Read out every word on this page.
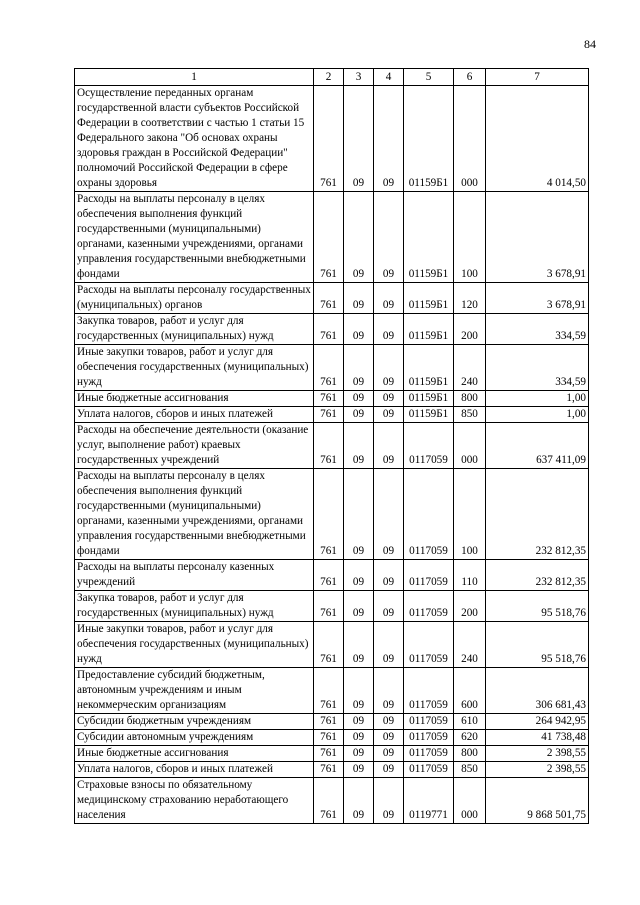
84
1	2	3	4	5	6	7
Осуществление переданных органам государственной власти субъектов Российской Федерации в соответствии с частью 1 статьи 15 Федерального закона "Об основах охраны здоровья граждан в Российской Федерации" полномочий Российской Федерации в сфере охраны здоровья	761	09	09	01159Б1	000	4 014,50
Расходы на выплаты персоналу в целях обеспечения выполнения функций государственными (муниципальными) органами, казенными учреждениями, органами управления государственными внебюджетными фондами	761	09	09	01159Б1	100	3 678,91
Расходы на выплаты персоналу государственных (муниципальных) органов	761	09	09	01159Б1	120	3 678,91
Закупка товаров, работ и услуг для государственных (муниципальных) нужд	761	09	09	01159Б1	200	334,59
Иные закупки товаров, работ и услуг для обеспечения государственных (муниципальных) нужд	761	09	09	01159Б1	240	334,59
Иные бюджетные ассигнования	761	09	09	01159Б1	800	1,00
Уплата налогов, сборов и иных платежей	761	09	09	01159Б1	850	1,00
Расходы на обеспечение деятельности (оказание услуг, выполнение работ) краевых государственных учреждений	761	09	09	0117059	000	637 411,09
Расходы на выплаты персоналу в целях обеспечения выполнения функций государственными (муниципальными) органами, казенными учреждениями, органами управления государственными внебюджетными фондами	761	09	09	0117059	100	232 812,35
Расходы на выплаты персоналу казенных учреждений	761	09	09	0117059	110	232 812,35
Закупка товаров, работ и услуг для государственных (муниципальных) нужд	761	09	09	0117059	200	95 518,76
Иные закупки товаров, работ и услуг для обеспечения государственных (муниципальных) нужд	761	09	09	0117059	240	95 518,76
Предоставление субсидий бюджетным, автономным учреждениям и иным некоммерческим организациям	761	09	09	0117059	600	306 681,43
Субсидии бюджетным учреждениям	761	09	09	0117059	610	264 942,95
Субсидии автономным учреждениям	761	09	09	0117059	620	41 738,48
Иные бюджетные ассигнования	761	09	09	0117059	800	2 398,55
Уплата налогов, сборов и иных платежей	761	09	09	0117059	850	2 398,55
Страховые взносы по обязательному медицинскому страхованию неработающего населения	761	09	09	0119771	000	9 868 501,75
